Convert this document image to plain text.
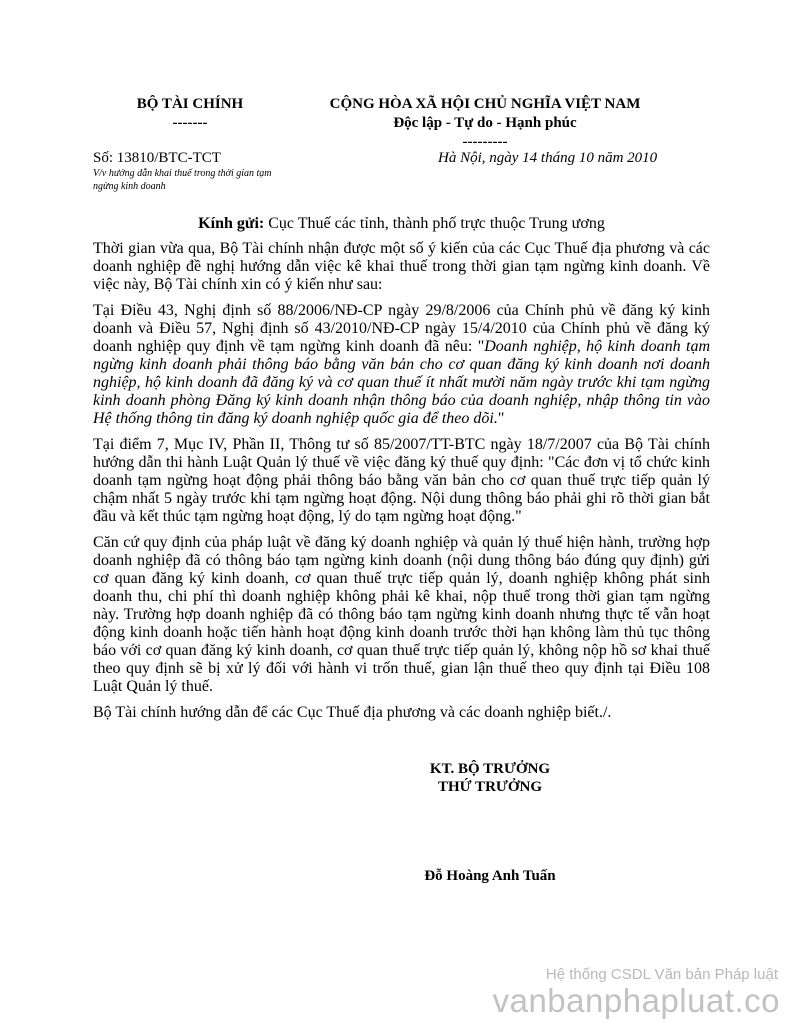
BỘ TÀI CHÍNH
-------
CỘNG HÒA XÃ HỘI CHỦ NGHĨA VIỆT NAM
Độc lập - Tự do - Hạnh phúc
---------
Số: 13810/BTC-TCT
V/v hướng dẫn khai thuế trong thời gian tạm ngừng kinh doanh
Hà Nội, ngày 14 tháng 10 năm 2010
Kính gửi: Cục Thuế các tỉnh, thành phố trực thuộc Trung ương

Thời gian vừa qua, Bộ Tài chính nhận được một số ý kiến của các Cục Thuế địa phương và các doanh nghiệp đề nghị hướng dẫn việc kê khai thuế trong thời gian tạm ngừng kinh doanh. Về việc này, Bộ Tài chính xin có ý kiến như sau:

Tại Điều 43, Nghị định số 88/2006/NĐ-CP ngày 29/8/2006 của Chính phủ về đăng ký kinh doanh và Điều 57, Nghị định số 43/2010/NĐ-CP ngày 15/4/2010 của Chính phủ về đăng ký doanh nghiệp quy định về tạm ngừng kinh doanh đã nêu: "Doanh nghiệp, hộ kinh doanh tạm ngừng kinh doanh phải thông báo bằng văn bản cho cơ quan đăng ký kinh doanh nơi doanh nghiệp, hộ kinh doanh đã đăng ký và cơ quan thuế ít nhất mười năm ngày trước khi tạm ngừng kinh doanh phòng Đăng ký kinh doanh nhận thông báo của doanh nghiệp, nhập thông tin vào Hệ thống thông tin đăng ký doanh nghiệp quốc gia để theo dõi."

Tại điểm 7, Mục IV, Phần II, Thông tư số 85/2007/TT-BTC ngày 18/7/2007 của Bộ Tài chính hướng dẫn thi hành Luật Quản lý thuế về việc đăng ký thuế quy định: "Các đơn vị tổ chức kinh doanh tạm ngừng hoạt động phải thông báo bằng văn bản cho cơ quan thuế trực tiếp quản lý chậm nhất 5 ngày trước khi tạm ngừng hoạt động. Nội dung thông báo phải ghi rõ thời gian bắt đầu và kết thúc tạm ngừng hoạt động, lý do tạm ngừng hoạt động."

Căn cứ quy định của pháp luật về đăng ký doanh nghiệp và quản lý thuế hiện hành, trường hợp doanh nghiệp đã có thông báo tạm ngừng kinh doanh (nội dung thông báo đúng quy định) gửi cơ quan đăng ký kinh doanh, cơ quan thuế trực tiếp quản lý, doanh nghiệp không phát sinh doanh thu, chi phí thì doanh nghiệp không phải kê khai, nộp thuế trong thời gian tạm ngừng này. Trường hợp doanh nghiệp đã có thông báo tạm ngừng kinh doanh nhưng thực tế vẫn hoạt động kinh doanh hoặc tiến hành hoạt động kinh doanh trước thời hạn không làm thủ tục thông báo với cơ quan đăng ký kinh doanh, cơ quan thuế trực tiếp quản lý, không nộp hồ sơ khai thuế theo quy định sẽ bị xử lý đối với hành vi trốn thuế, gian lận thuế theo quy định tại Điều 108 Luật Quản lý thuế.

Bộ Tài chính hướng dẫn để các Cục Thuế địa phương và các doanh nghiệp biết./.

KT. BỘ TRƯỞNG
THỨ TRƯỞNG
Đỗ Hoàng Anh Tuấn
Hệ thống CSDL Văn bản Pháp luật
vanbanphapluat.co
